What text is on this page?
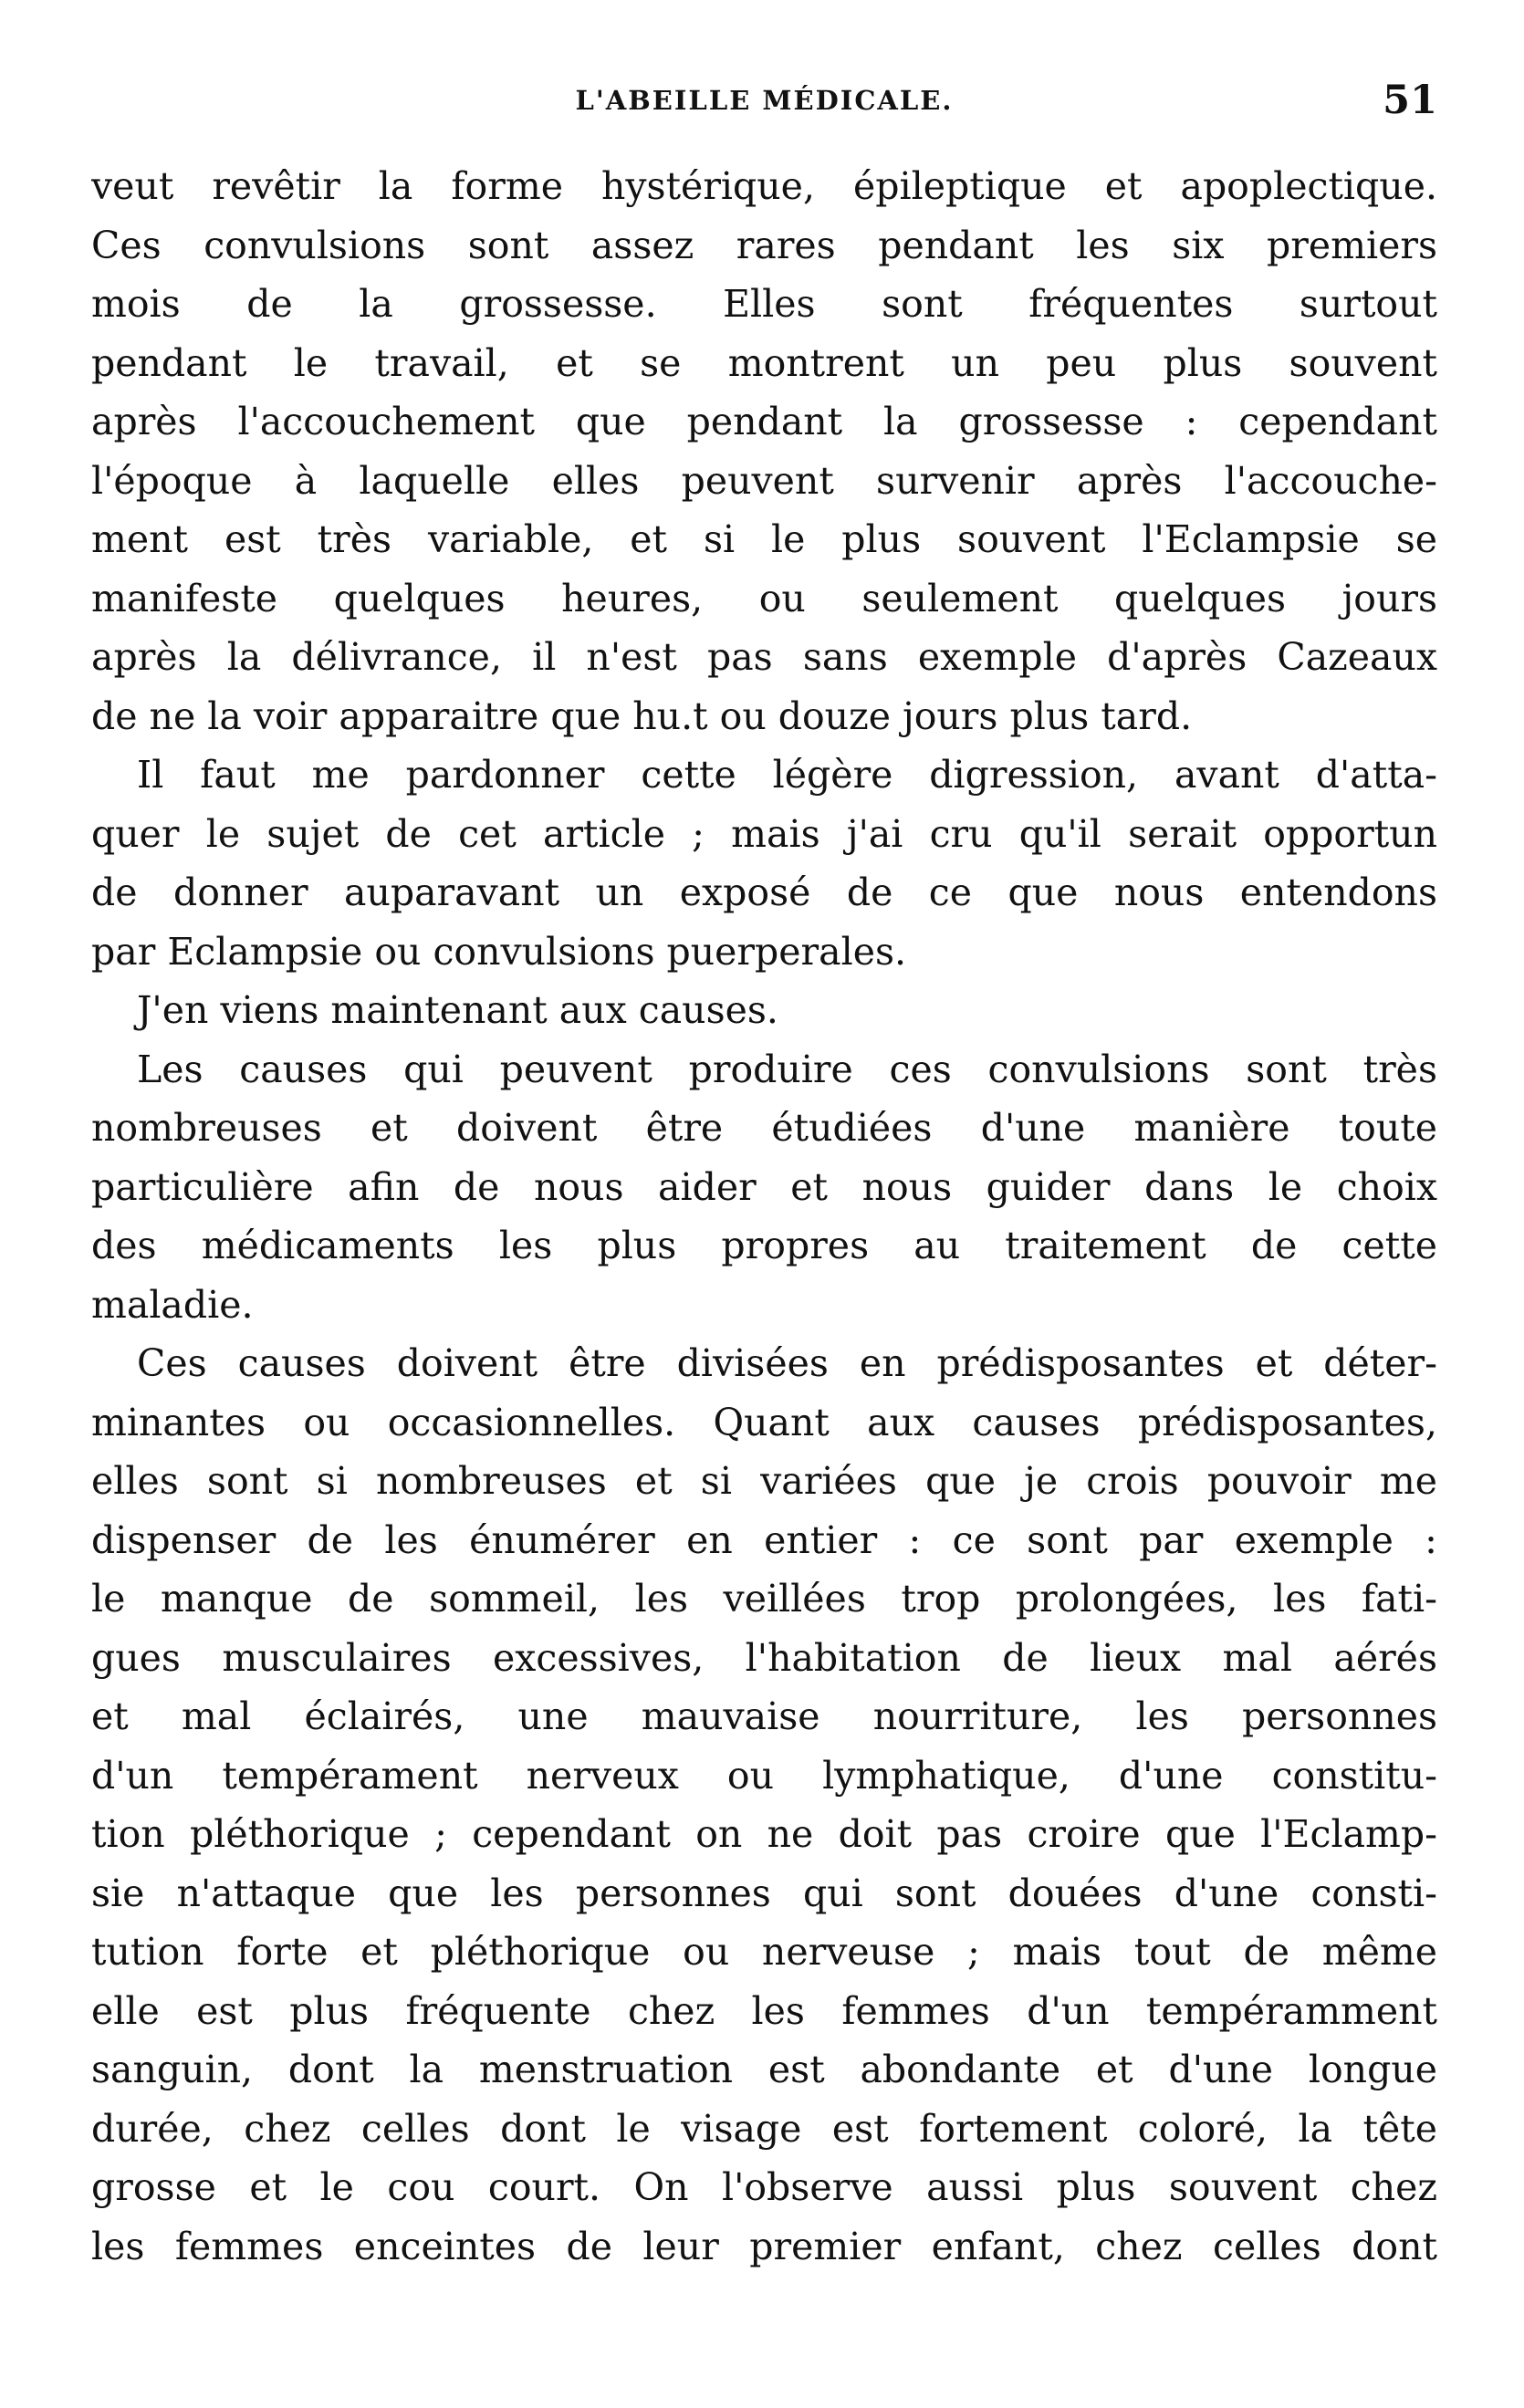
L'ABEILLE MÉDICALE.	51
veut revêtir la forme hystérique, épileptique et apoplectique.
Ces convulsions sont assez rares pendant les six premiers
mois de la grossesse. Elles sont fréquentes surtout
pendant le travail, et se montrent un peu plus souvent
après l'accouchement que pendant la grossesse : cependant
l'époque à laquelle elles peuvent survenir après l'accouche-
ment est très variable, et si le plus souvent l'Eclampsie se
manifeste quelques heures, ou seulement quelques jours
après la délivrance, il n'est pas sans exemple d'après Cazeaux
de ne la voir apparaitre que hu.t ou douze jours plus tard.
Il faut me pardonner cette légère digression, avant d'atta-
quer le sujet de cet article ; mais j'ai cru qu'il serait opportun
de donner auparavant un exposé de ce que nous entendons
par Eclampsie ou convulsions puerperales.
J'en viens maintenant aux causes.
Les causes qui peuvent produire ces convulsions sont très
nombreuses et doivent être étudiées d'une manière toute
particulière afin de nous aider et nous guider dans le choix
des médicaments les plus propres au traitement de cette
maladie.
Ces causes doivent être divisées en prédisposantes et déter-
minantes ou occasionnelles. Quant aux causes prédisposantes,
elles sont si nombreuses et si variées que je crois pouvoir me
dispenser de les énumérer en entier : ce sont par exemple :
le manque de sommeil, les veillées trop prolongées, les fati-
gues musculaires excessives, l'habitation de lieux mal aérés
et mal éclairés, une mauvaise nourriture, les personnes
d'un tempérament nerveux ou lymphatique, d'une constitu-
tion pléthorique ; cependant on ne doit pas croire que l'Eclamp-
sie n'attaque que les personnes qui sont douées d'une consti-
tution forte et pléthorique ou nerveuse ; mais tout de même
elle est plus fréquente chez les femmes d'un tempéramment
sanguin, dont la menstruation est abondante et d'une longue
durée, chez celles dont le visage est fortement coloré, la tête
grosse et le cou court. On l'observe aussi plus souvent chez
les femmes enceintes de leur premier enfant, chez celles dont
